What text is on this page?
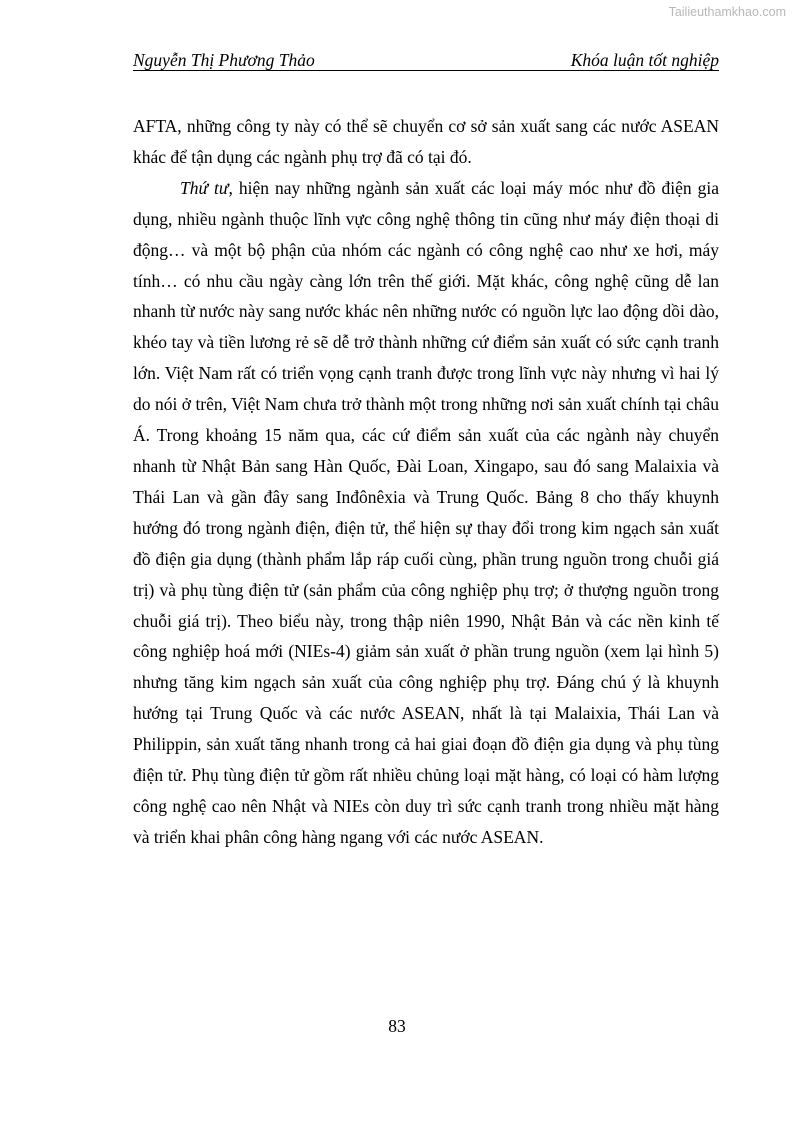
Tailieuthamkhao.com
Nguyễn Thị Phương Thảo	Khóa luận tốt nghiệp

AFTA, những công ty này có thể sẽ chuyển cơ sở sản xuất sang các nước ASEAN khác để tận dụng các ngành phụ trợ đã có tại đó.

Thứ tư, hiện nay những ngành sản xuất các loại máy móc như đồ điện gia dụng, nhiều ngành thuộc lĩnh vực công nghệ thông tin cũng như máy điện thoại di động… và một bộ phận của nhóm các ngành có công nghệ cao như xe hơi, máy tính… có nhu cầu ngày càng lớn trên thế giới. Mặt khác, công nghệ cũng dễ lan nhanh từ nước này sang nước khác nên những nước có nguồn lực lao động dồi dào, khéo tay và tiền lương rẻ sẽ dễ trở thành những cứ điểm sản xuất có sức cạnh tranh lớn. Việt Nam rất có triển vọng cạnh tranh được trong lĩnh vực này nhưng vì hai lý do nói ở trên, Việt Nam chưa trở thành một trong những nơi sản xuất chính tại châu Á. Trong khoảng 15 năm qua, các cứ điểm sản xuất của các ngành này chuyển nhanh từ Nhật Bản sang Hàn Quốc, Đài Loan, Xingapo, sau đó sang Malaixia và Thái Lan và gần đây sang Inđônêxia và Trung Quốc. Bảng 8 cho thấy khuynh hướng đó trong ngành điện, điện tử, thể hiện sự thay đổi trong kim ngạch sản xuất đồ điện gia dụng (thành phẩm lắp ráp cuối cùng, phần trung nguồn trong chuỗi giá trị) và phụ tùng điện tử (sản phẩm của công nghiệp phụ trợ; ở thượng nguồn trong chuỗi giá trị). Theo biểu này, trong thập niên 1990, Nhật Bản và các nền kinh tế công nghiệp hoá mới (NIEs-4) giảm sản xuất ở phần trung nguồn (xem lại hình 5) nhưng tăng kim ngạch sản xuất của công nghiệp phụ trợ. Đáng chú ý là khuynh hướng tại Trung Quốc và các nước ASEAN, nhất là tại Malaixia, Thái Lan và Philippin, sản xuất tăng nhanh trong cả hai giai đoạn đồ điện gia dụng và phụ tùng điện tử. Phụ tùng điện tử gồm rất nhiều chủng loại mặt hàng, có loại có hàm lượng công nghệ cao nên Nhật và NIEs còn duy trì sức cạnh tranh trong nhiều mặt hàng và triển khai phân công hàng ngang với các nước ASEAN.

83
